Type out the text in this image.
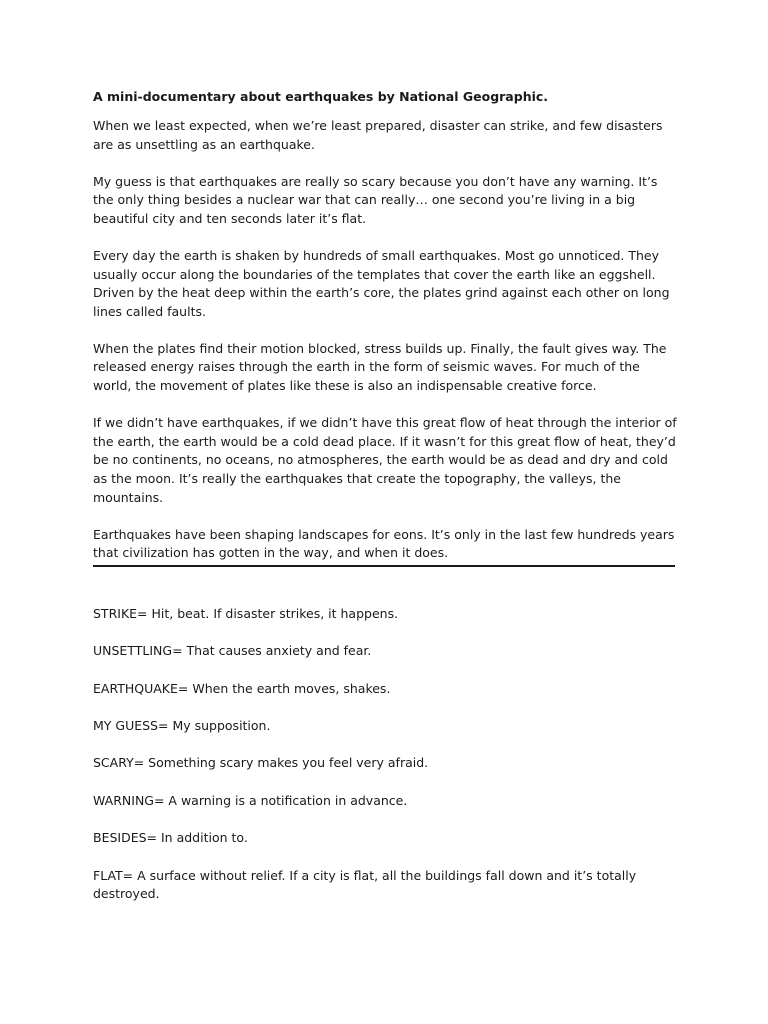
A mini-documentary about earthquakes by National Geographic.
When we least expected, when we’re least prepared, disaster can strike, and few disasters are as unsettling as an earthquake.
My guess is that earthquakes are really so scary because you don’t have any warning. It’s the only thing besides a nuclear war that can really… one second you’re living in a big beautiful city and ten seconds later it’s flat.
Every day the earth is shaken by hundreds of small earthquakes. Most go unnoticed. They usually occur along the boundaries of the templates that cover the earth like an eggshell. Driven by the heat deep within the earth’s core, the plates grind against each other on long lines called faults.
When the plates find their motion blocked, stress builds up. Finally, the fault gives way. The released energy raises through the earth in the form of seismic waves. For much of the world, the movement of plates like these is also an indispensable creative force.
If we didn’t have earthquakes, if we didn’t have this great flow of heat through the interior of the earth, the earth would be a cold dead place. If it wasn’t for this great flow of heat, they’d be no continents, no oceans, no atmospheres, the earth would be as dead and dry and cold as the moon. It’s really the earthquakes that create the topography, the valleys, the mountains.
Earthquakes have been shaping landscapes for eons. It’s only in the last few hundreds years that civilization has gotten in the way, and when it does.
STRIKE= Hit, beat. If disaster strikes, it happens.
UNSETTLING= That causes anxiety and fear.
EARTHQUAKE= When the earth moves, shakes.
MY GUESS= My supposition.
SCARY= Something scary makes you feel very afraid.
WARNING= A warning is a notification in advance.
BESIDES= In addition to.
FLAT= A surface without relief. If a city is flat, all the buildings fall down and it’s totally destroyed.
